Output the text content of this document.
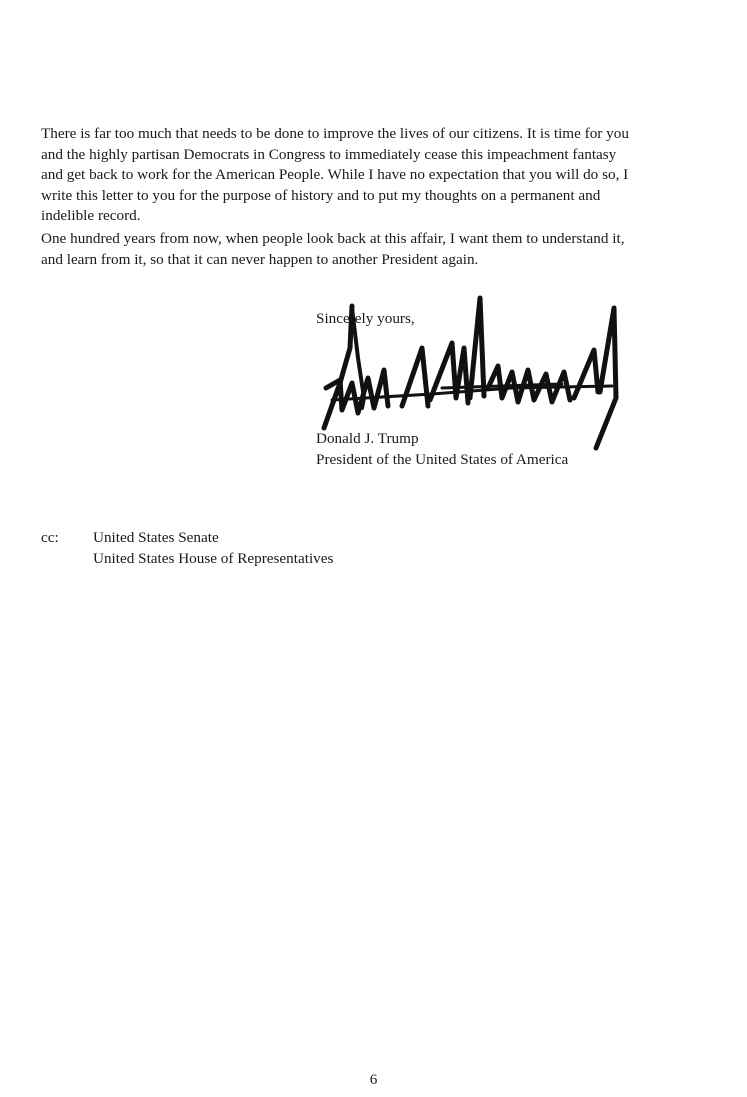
There is far too much that needs to be done to improve the lives of our citizens. It is time for you
and the highly partisan Democrats in Congress to immediately cease this impeachment fantasy
and get back to work for the American People. While I have no expectation that you will do so, I
write this letter to you for the purpose of history and to put my thoughts on a permanent and
indelible record.

One hundred years from now, when people look back at this affair, I want them to understand it,
and learn from it, so that it can never happen to another President again.

Sincerely yours,

Donald J. Trump
President of the United States of America
cc: United States Senate
United States House of Representatives
6
